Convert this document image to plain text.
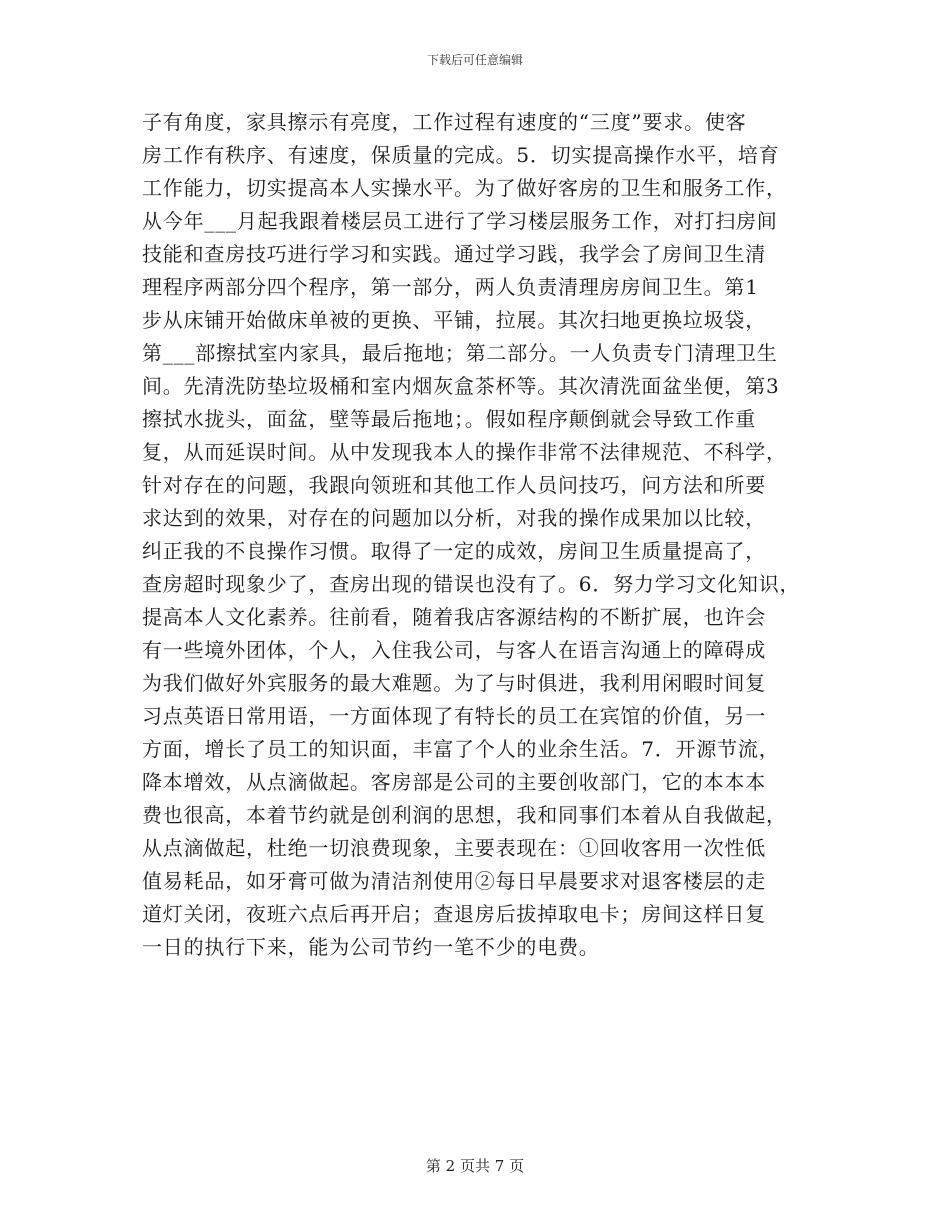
下载后可任意编辑
子有角度，家具擦示有亮度，工作过程有速度的“三度”要求。使客
房工作有秩序、有速度，保质量的完成。5．切实提高操作水平，培育
工作能力，切实提高本人实操水平。为了做好客房的卫生和服务工作，
从今年___月起我跟着楼层员工进行了学习楼层服务工作，对打扫房间
技能和查房技巧进行学习和实践。通过学习践，我学会了房间卫生清
理程序两部分四个程序，第一部分，两人负责清理房房间卫生。第1
步从床铺开始做床单被的更换、平铺，拉展。其次扫地更换垃圾袋，
第___部擦拭室内家具，最后拖地；第二部分。一人负责专门清理卫生
间。先清洗防垫垃圾桶和室内烟灰盒茶杯等。其次清洗面盆坐便，第3
擦拭水拢头，面盆，壁等最后拖地；。假如程序颠倒就会导致工作重
复，从而延误时间。从中发现我本人的操作非常不法律规范、不科学，
针对存在的问题，我跟向领班和其他工作人员问技巧，问方法和所要
求达到的效果，对存在的问题加以分析，对我的操作成果加以比较，
纠正我的不良操作习惯。取得了一定的成效，房间卫生质量提高了，
查房超时现象少了，查房出现的错误也没有了。6．努力学习文化知识，
提高本人文化素养。往前看，随着我店客源结构的不断扩展，也许会
有一些境外团体，个人，入住我公司，与客人在语言沟通上的障碍成
为我们做好外宾服务的最大难题。为了与时俱进，我利用闲暇时间复
习点英语日常用语，一方面体现了有特长的员工在宾馆的价值，另一
方面，增长了员工的知识面，丰富了个人的业余生活。7．开源节流，
降本增效，从点滴做起。客房部是公司的主要创收部门，它的本本本
费也很高，本着节约就是创利润的思想，我和同事们本着从自我做起，
从点滴做起，杜绝一切浪费现象，主要表现在：①回收客用一次性低
值易耗品，如牙膏可做为清洁剂使用②每日早晨要求对退客楼层的走
道灯关闭，夜班六点后再开启；查退房后拔掉取电卡；房间这样日复
一日的执行下来，能为公司节约一笔不少的电费。
第 2 页共 7 页
